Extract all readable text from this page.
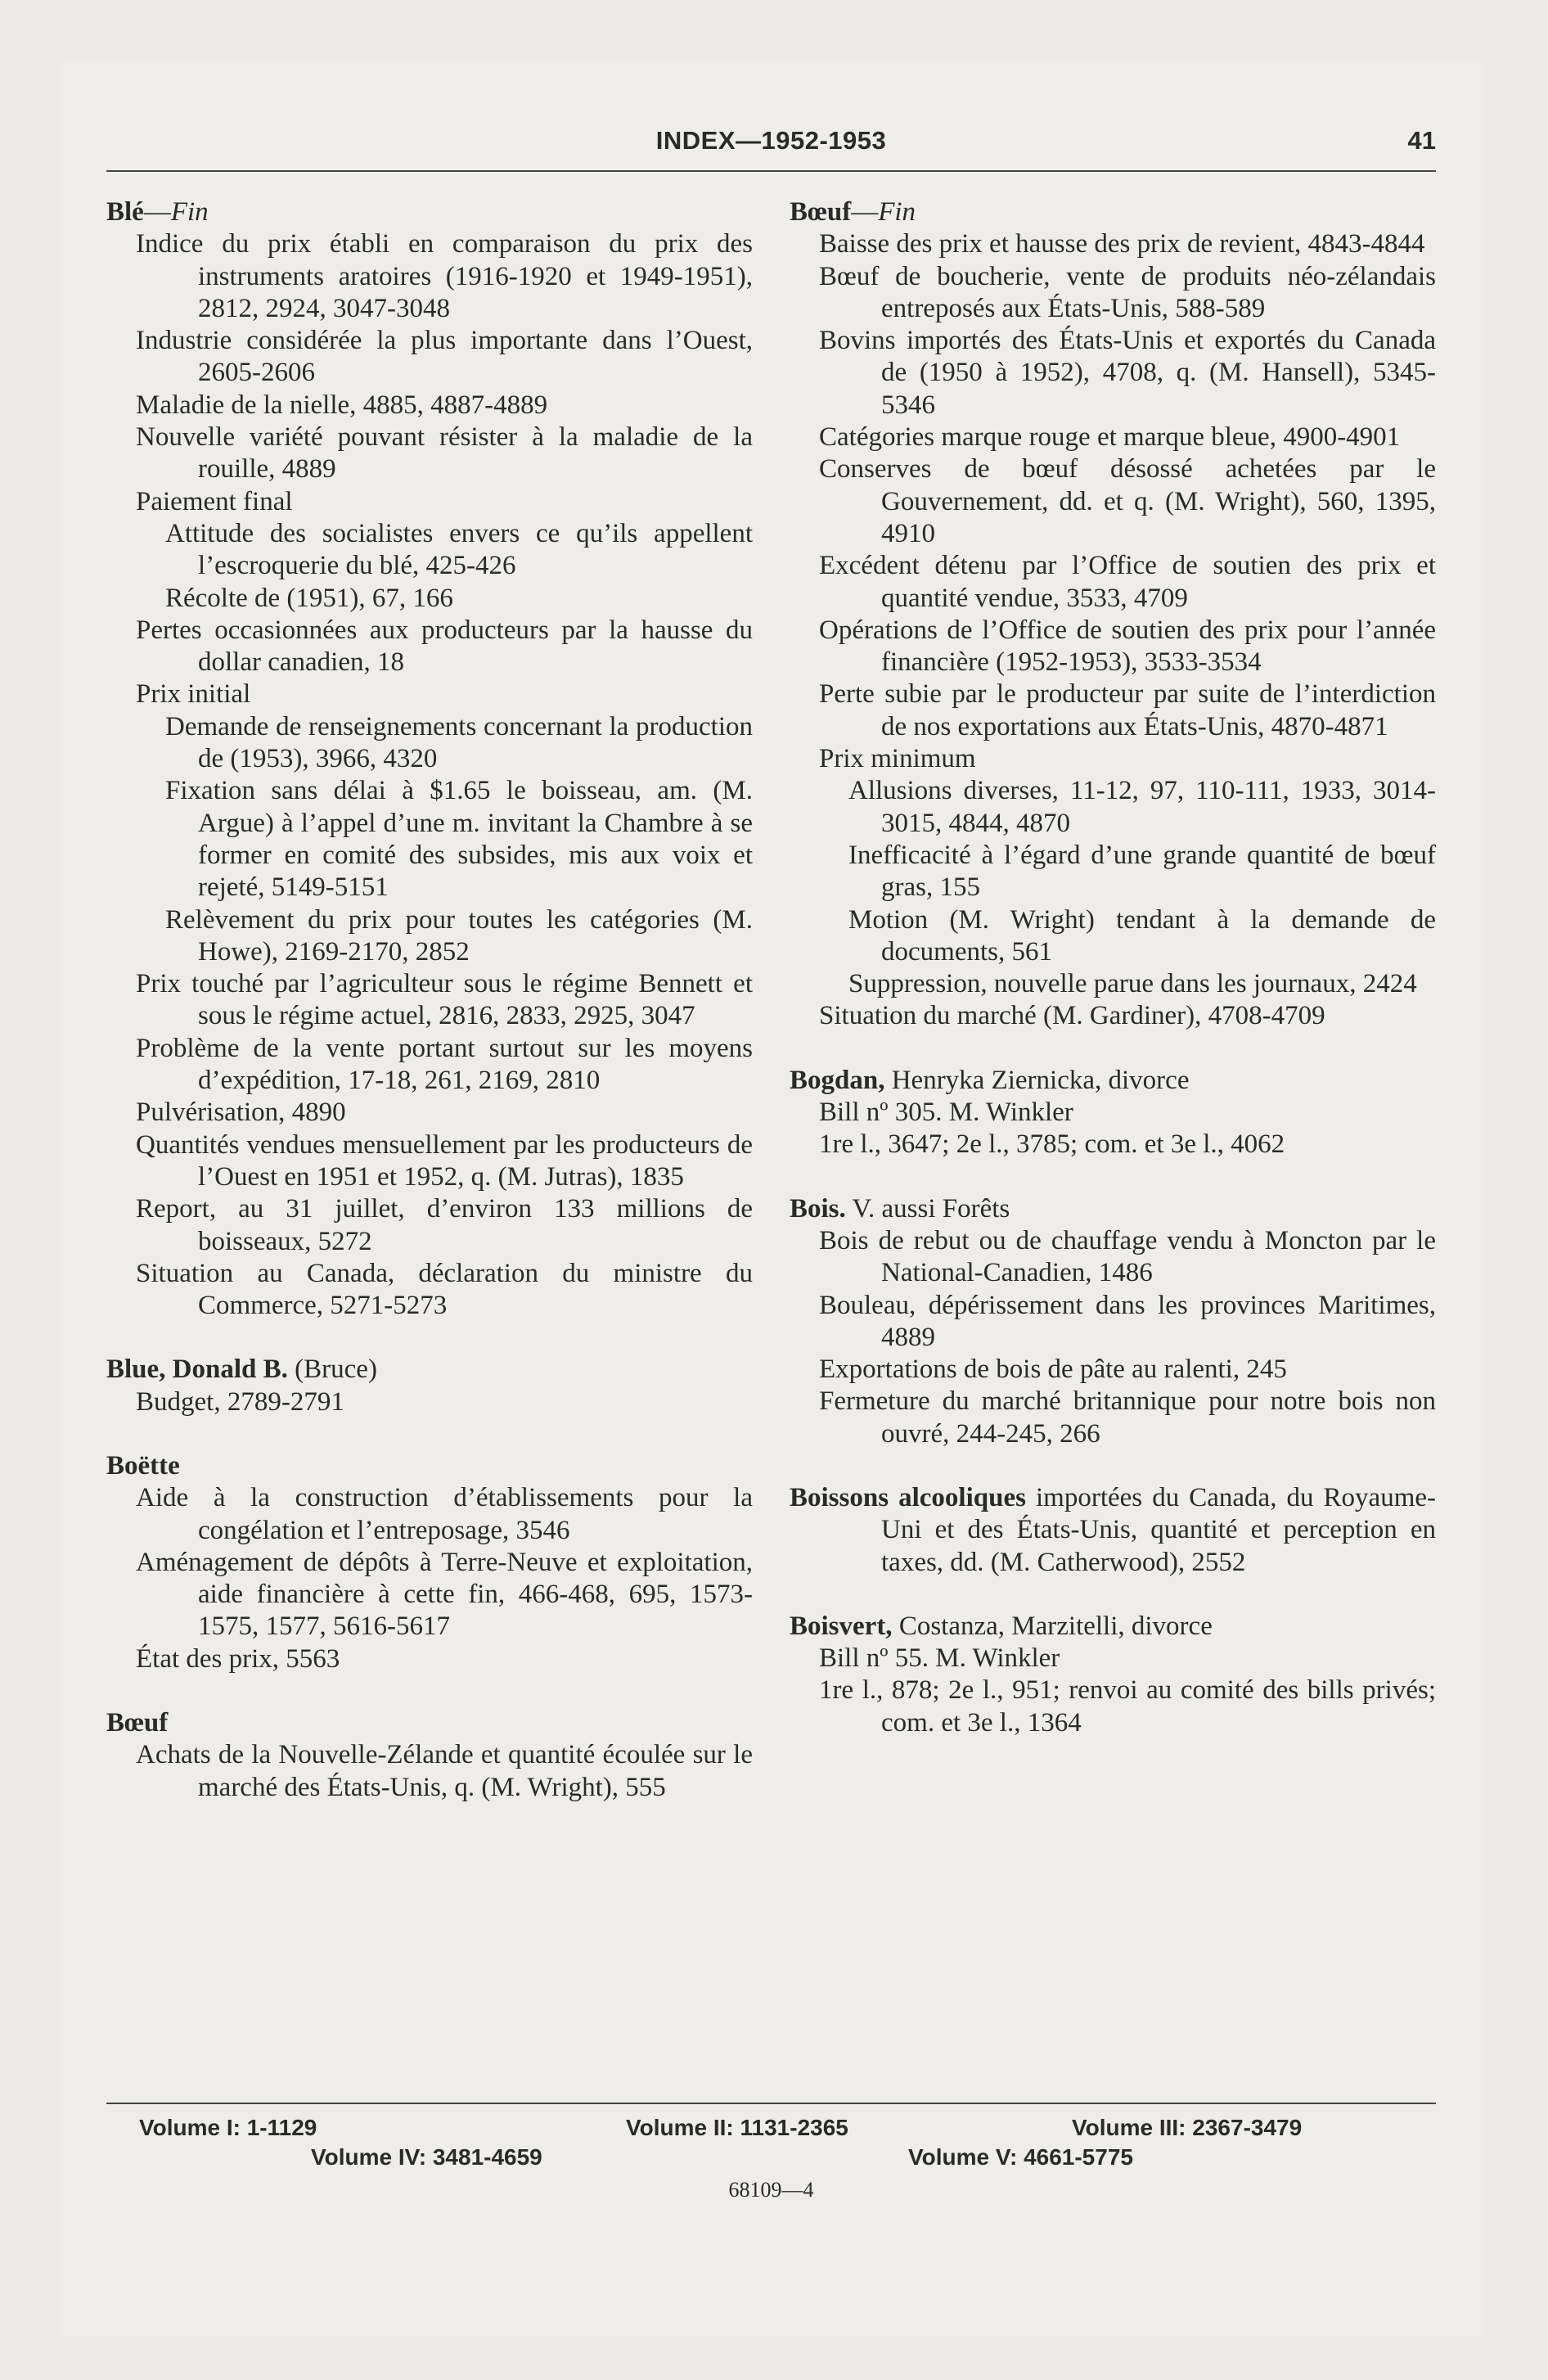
INDEX—1952-1953	41
Blé—Fin
Indice du prix établi en comparaison du prix des instruments aratoires (1916-1920 et 1949-1951), 2812, 2924, 3047-3048
Industrie considérée la plus importante dans l’Ouest, 2605-2606
Maladie de la nielle, 4885, 4887-4889
Nouvelle variété pouvant résister à la maladie de la rouille, 4889
Paiement final
Attitude des socialistes envers ce qu’ils appellent l’escroquerie du blé, 425-426
Récolte de (1951), 67, 166
Pertes occasionnées aux producteurs par la hausse du dollar canadien, 18
Prix initial
Demande de renseignements concernant la production de (1953), 3966, 4320
Fixation sans délai à $1.65 le boisseau, am. (M. Argue) à l’appel d’une m. invitant la Chambre à se former en comité des subsides, mis aux voix et rejeté, 5149-5151
Relèvement du prix pour toutes les catégories (M. Howe), 2169-2170, 2852
Prix touché par l’agriculteur sous le régime Bennett et sous le régime actuel, 2816, 2833, 2925, 3047
Problème de la vente portant surtout sur les moyens d’expédition, 17-18, 261, 2169, 2810
Pulvérisation, 4890
Quantités vendues mensuellement par les producteurs de l’Ouest en 1951 et 1952, q. (M. Jutras), 1835
Report, au 31 juillet, d’environ 133 millions de boisseaux, 5272
Situation au Canada, déclaration du ministre du Commerce, 5271-5273
Blue, Donald B. (Bruce)
Budget, 2789-2791
Boëtte
Aide à la construction d’établissements pour la congélation et l’entreposage, 3546
Aménagement de dépôts à Terre-Neuve et exploitation, aide financière à cette fin, 466-468, 695, 1573-1575, 1577, 5616-5617
État des prix, 5563
Bœuf
Achats de la Nouvelle-Zélande et quantité écoulée sur le marché des États-Unis, q. (M. Wright), 555
Bœuf—Fin
Baisse des prix et hausse des prix de revient, 4843-4844
Bœuf de boucherie, vente de produits néo-zélandais entreposés aux États-Unis, 588-589
Bovins importés des États-Unis et exportés du Canada de (1950 à 1952), 4708, q. (M. Hansell), 5345-5346
Catégories marque rouge et marque bleue, 4900-4901
Conserves de bœuf désossé achetées par le Gouvernement, dd. et q. (M. Wright), 560, 1395, 4910
Excédent détenu par l’Office de soutien des prix et quantité vendue, 3533, 4709
Opérations de l’Office de soutien des prix pour l’année financière (1952-1953), 3533-3534
Perte subie par le producteur par suite de l’interdiction de nos exportations aux États-Unis, 4870-4871
Prix minimum
Allusions diverses, 11-12, 97, 110-111, 1933, 3014-3015, 4844, 4870
Inefficacité à l’égard d’une grande quantité de bœuf gras, 155
Motion (M. Wright) tendant à la demande de documents, 561
Suppression, nouvelle parue dans les journaux, 2424
Situation du marché (M. Gardiner), 4708-4709
Bogdan, Henryka Ziernicka, divorce
Bill nº 305. M. Winkler
1re l., 3647; 2e l., 3785; com. et 3e l., 4062
Bois. V. aussi Forêts
Bois de rebut ou de chauffage vendu à Moncton par le National-Canadien, 1486
Bouleau, dépérissement dans les provinces Maritimes, 4889
Exportations de bois de pâte au ralenti, 245
Fermeture du marché britannique pour notre bois non ouvré, 244-245, 266
Boissons alcooliques importées du Canada, du Royaume-Uni et des États-Unis, quantité et perception en taxes, dd. (M. Catherwood), 2552
Boisvert, Costanza, Marzitelli, divorce
Bill nº 55. M. Winkler
1re l., 878; 2e l., 951; renvoi au comité des bills privés; com. et 3e l., 1364
Volume I: 1-1129	Volume II: 1131-2365	Volume III: 2367-3479
Volume IV: 3481-4659	Volume V: 4661-5775
68109—4
